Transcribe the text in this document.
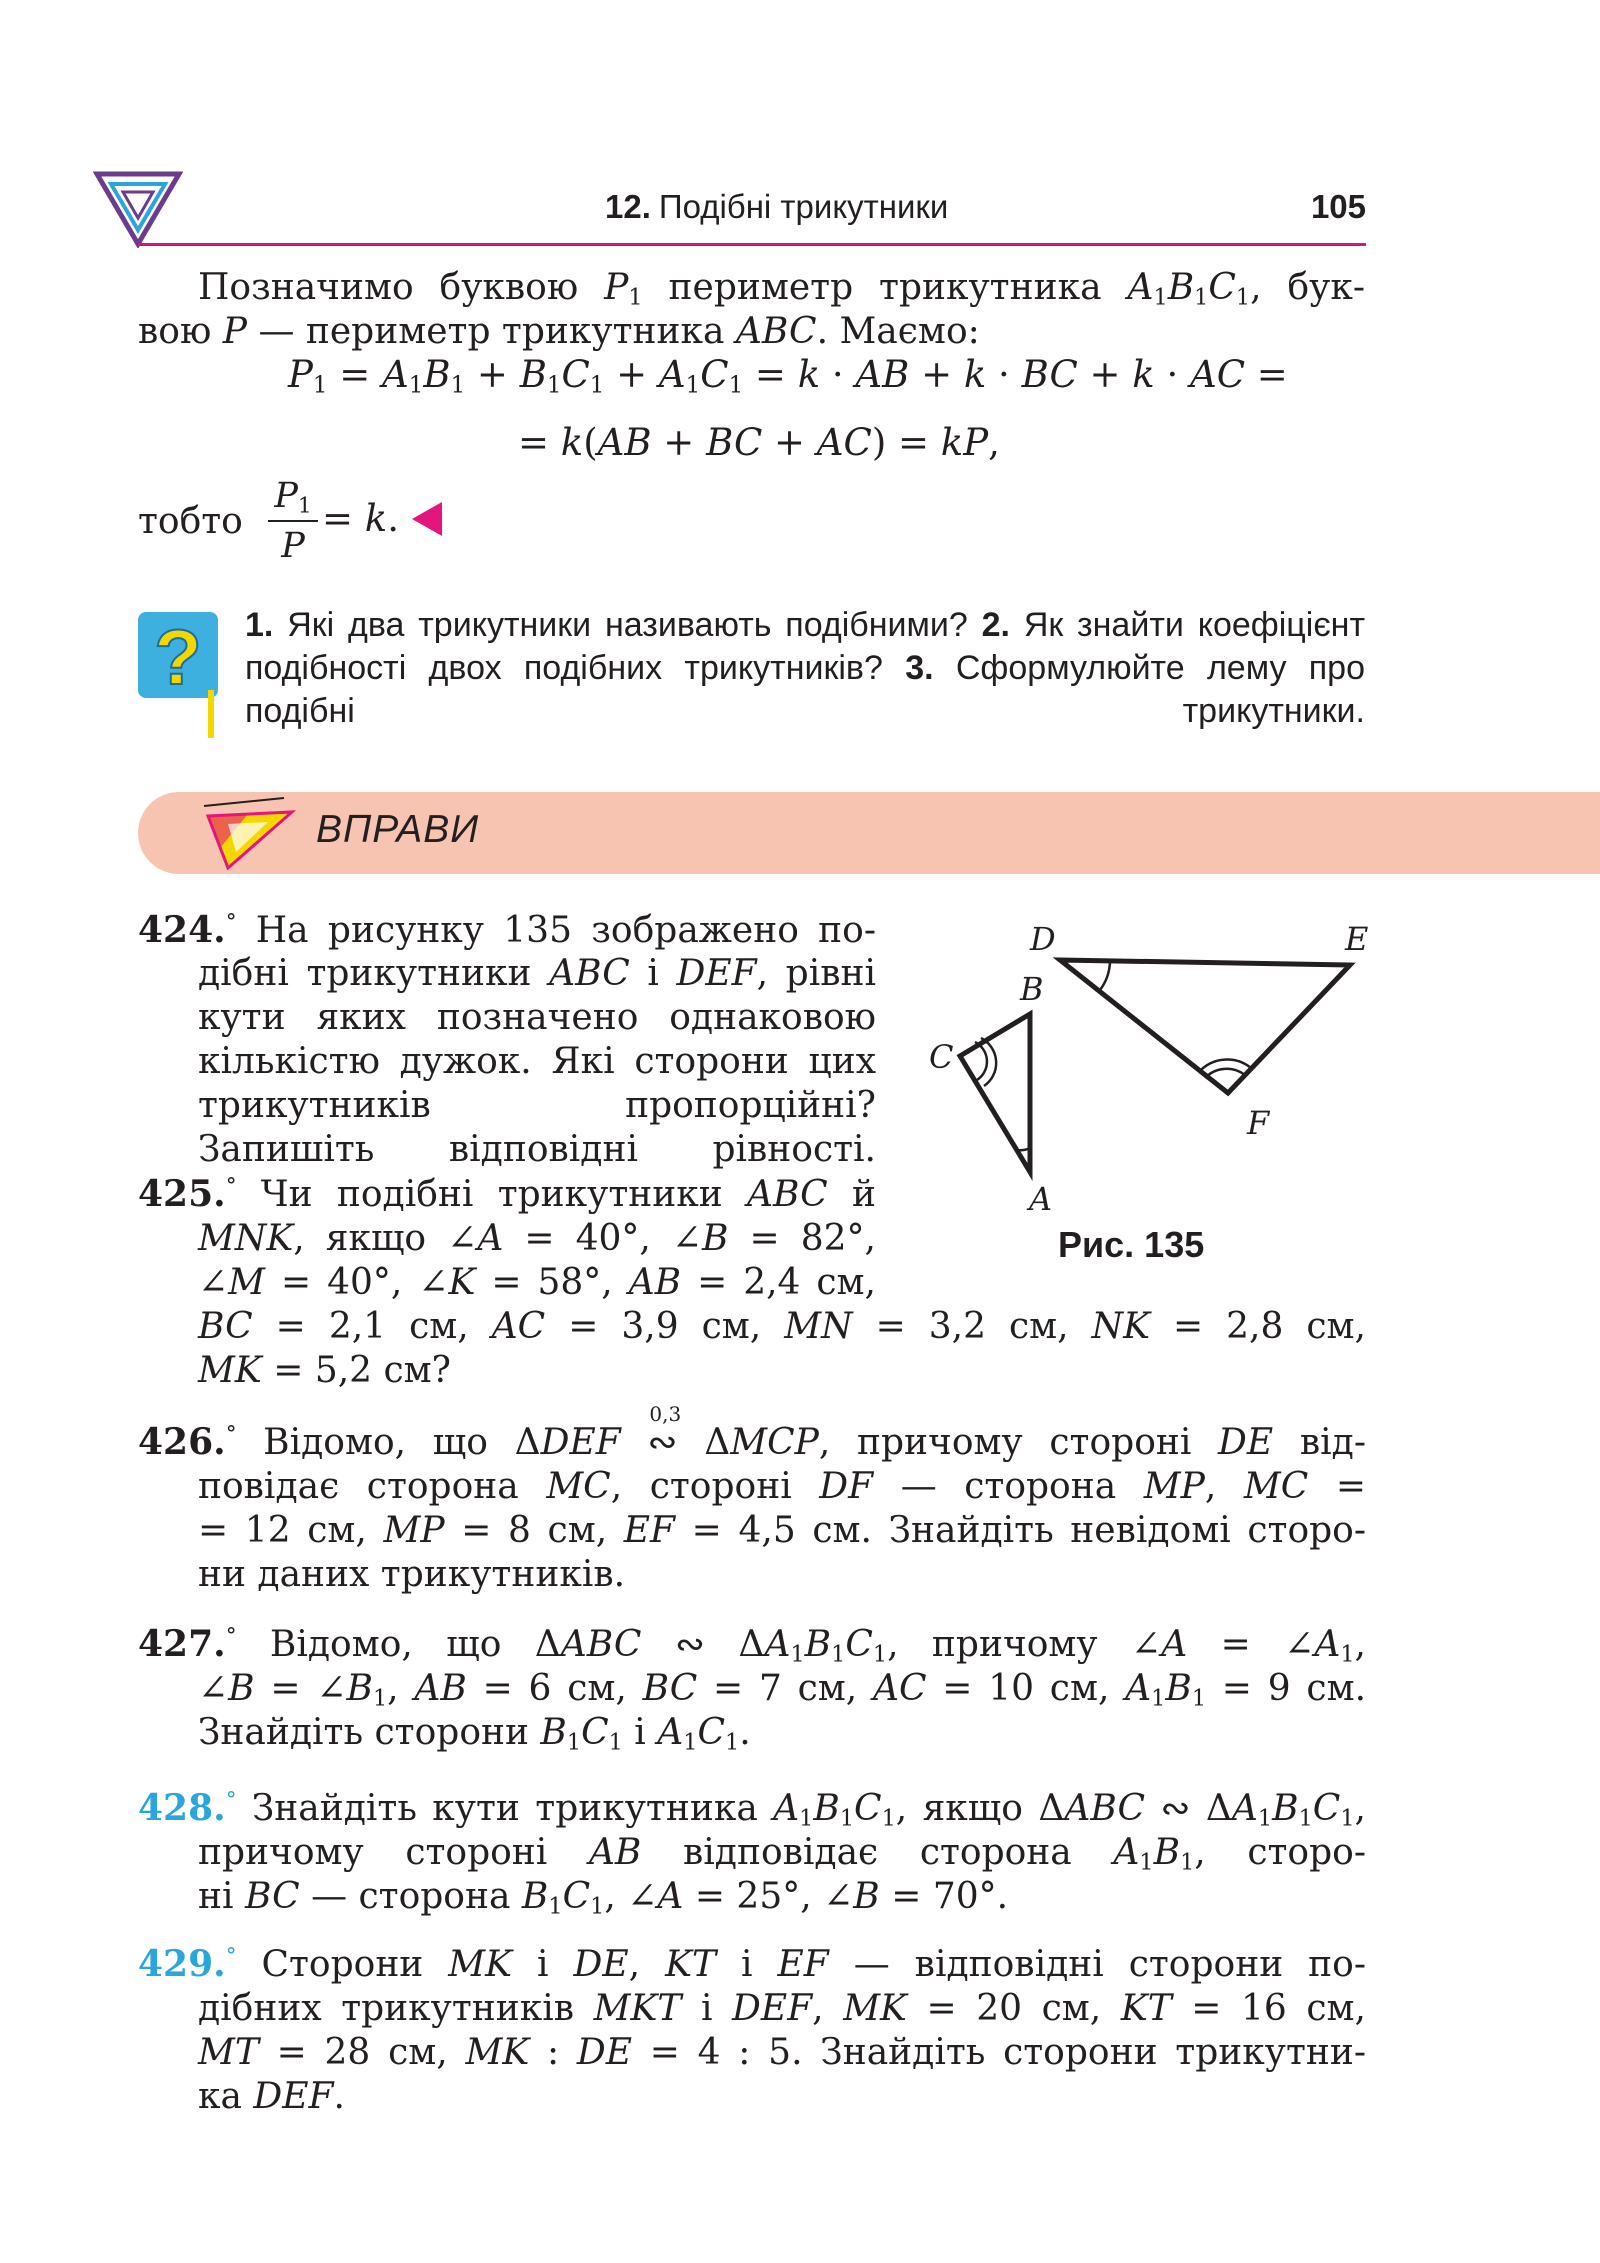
12. Подібні трикутники	105
Позначимо буквою $P_1$ периметр трикутника $A_1B_1C_1$, бук-
вою P — периметр трикутника ABC. Маємо:
$P_1 = A_1B_1 + B_1C_1 + A_1C_1 = k$ · AB + k · BC + k · AC =
= k(AB + BC + AC) = kP,
тобто
$P_1$
P
= k.
? 1. Які два трикутники називають подібними? 2. Як знайти коефіцієнт подібності двох подібних трикутників? 3. Сформулюйте лему про подібні трикутники.
ВПРАВИ
424.° На рисунку 135 зображено по-
дібні трикутники ABC і DEF, рівні кути яких позначено однаковою кількістю дужок. Які сторони цих трикутників пропорційні? Запишіть відповідні рівності.
425.° Чи подібні трикутники ABC й
MNK, якщо ∠A = 40°, ∠B = 82°,
∠M = 40°, ∠K = 58°, AB = 2,4 см,
BC = 2,1 см, AC = 3,9 см, MN = 3,2 см, NK = 2,8 см,
MK = 5,2 см?
426.° Відомо, що ΔDEF ∾
0,3
ΔMCP, причому стороні DE від-
повідає сторона MC, стороні DF — сторона MP, MC =
= 12 см, MP = 8 см, EF = 4,5 см. Знайдіть невідомі сторо-
ни даних трикутників.
427.° Відомо, що ΔABC ∾ $\Delta A_1B_1C_1$, причому ∠A = $\angle A_1$,
∠B = $\angle B_1$, AB = 6 см, BC = 7 см, AC = 10 см, $A_1B_1 = 9$ см.
Знайдіть сторони $B_1C_1$ і $A_1C_1$.
428.° Знайдіть кути трикутника $A_1B_1C_1$, якщо ΔABC ∾ $\Delta A_1B_1C_1$,
причому стороні AB відповідає сторона $A_1B_1$, сторо-
ні BC — сторона $B_1C_1$, ∠A = 25°, ∠B = 70°.
429.° Сторони MK і DE, KT і EF — відповідні сторони по-
дібних трикутників MKT і DEF, MK = 20 см, KT = 16 см,
MT = 28 см, MK : DE = 4 : 5. Знайдіть сторони трикутни-
ка DEF.
D	E
B
C
F
A
Рис. 135
